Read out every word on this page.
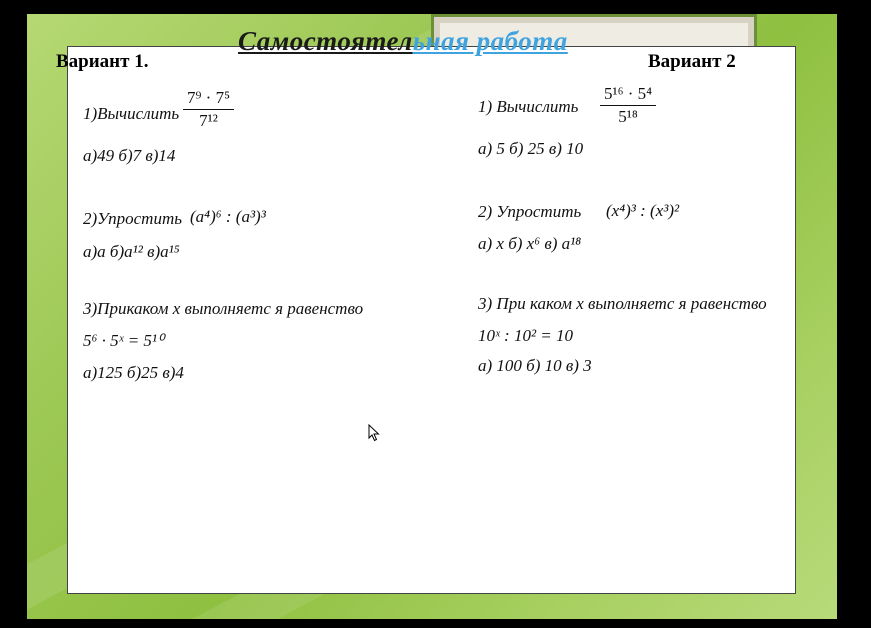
Самостоятельная работа
Вариант 1.	Вариант 2
1)Вычислить
7⁹ · 7⁵
7¹²
а)49 б)7 в)14
2)Упростить (а⁴)⁶ : (а³)³
а)а б)а¹² в)а¹⁵
3)Прикаком х выполняетс я равенство
5⁶ · 5ˣ = 5¹⁰
а)125 б)25 в)4
1) Вычислить
5¹⁶ · 5⁴
5¹⁸
а) 5 б) 25 в) 10
2) Упростить (x⁴)³ : (x³)²
а) x б) x⁶ в) а¹⁸
3) При каком x выполняетс я равенство
10ˣ : 10² = 10
а) 100 б) 10 в) 3
